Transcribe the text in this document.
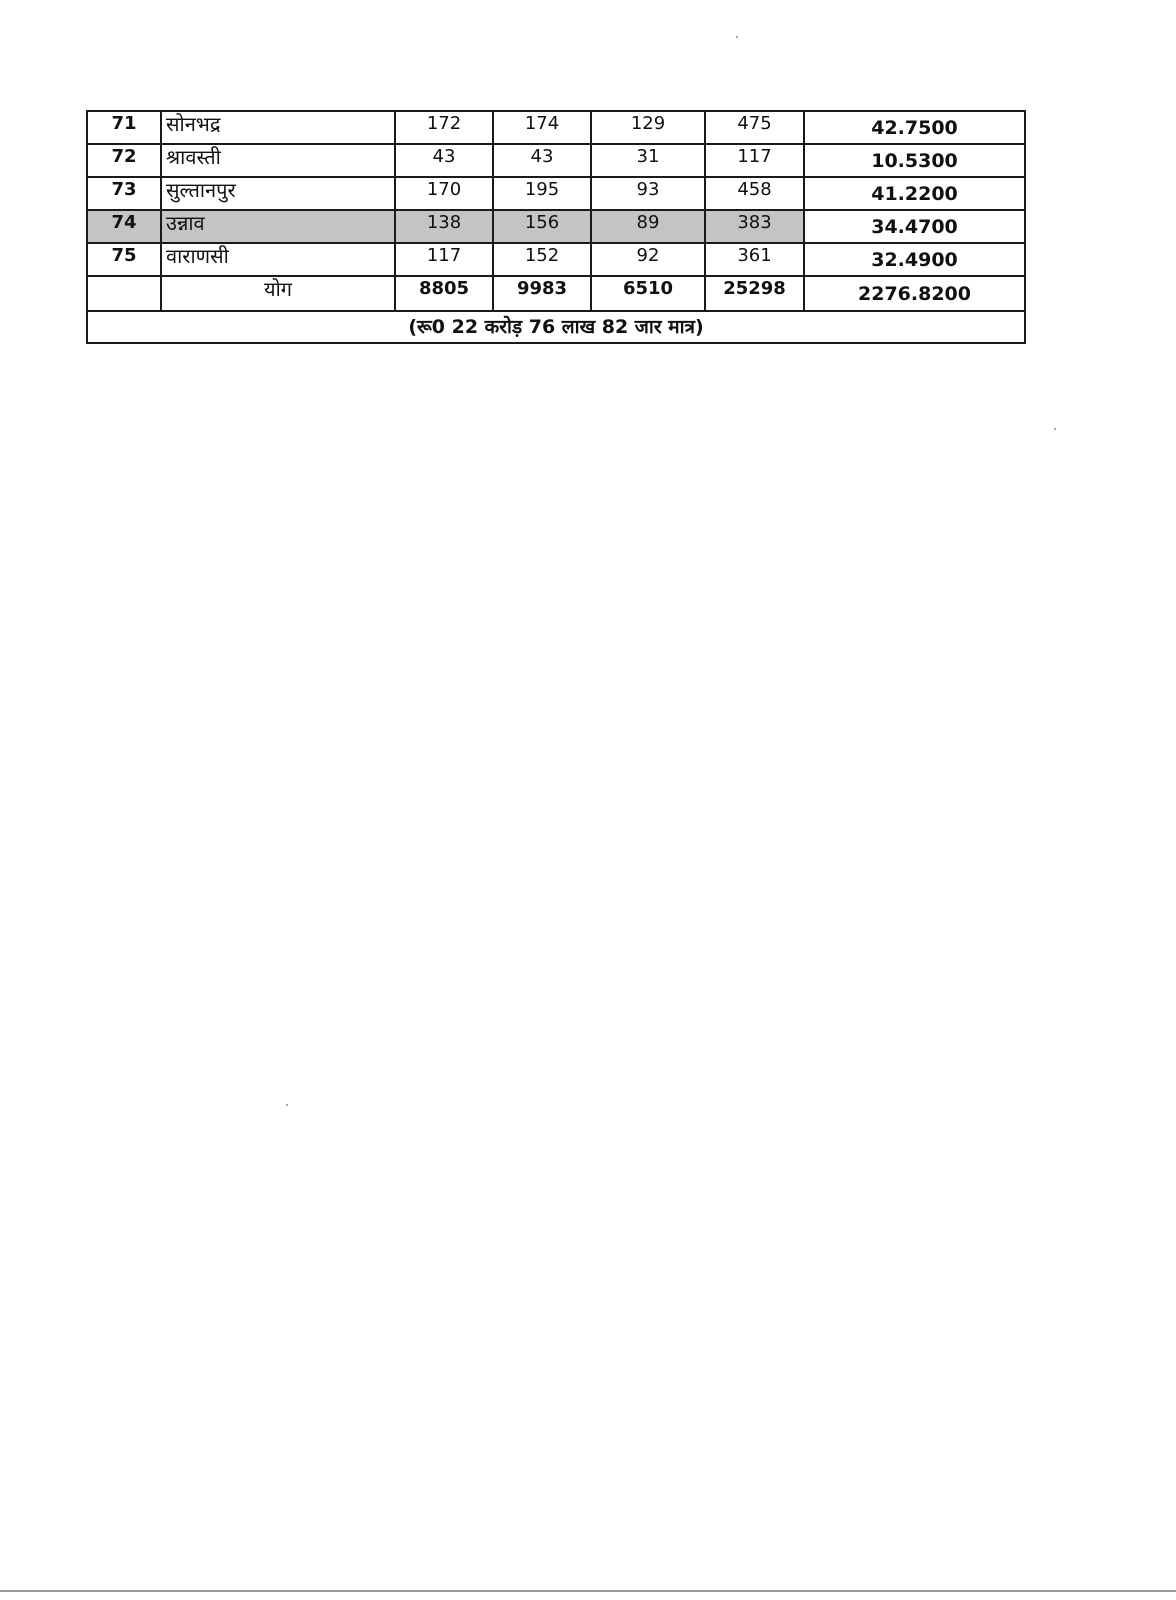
71	सोनभद्र	172	174	129	475	42.7500
72	श्रावस्ती	43	43	31	117	10.5300
73	सुल्तानपुर	170	195	93	458	41.2200
74	उन्नाव	138	156	89	383	34.4700
75	वाराणसी	117	152	92	361	32.4900
	योग	8805	9983	6510	25298	2276.8200
(रू0 22 करोड़ 76 लाख 82 जार मात्र)						
